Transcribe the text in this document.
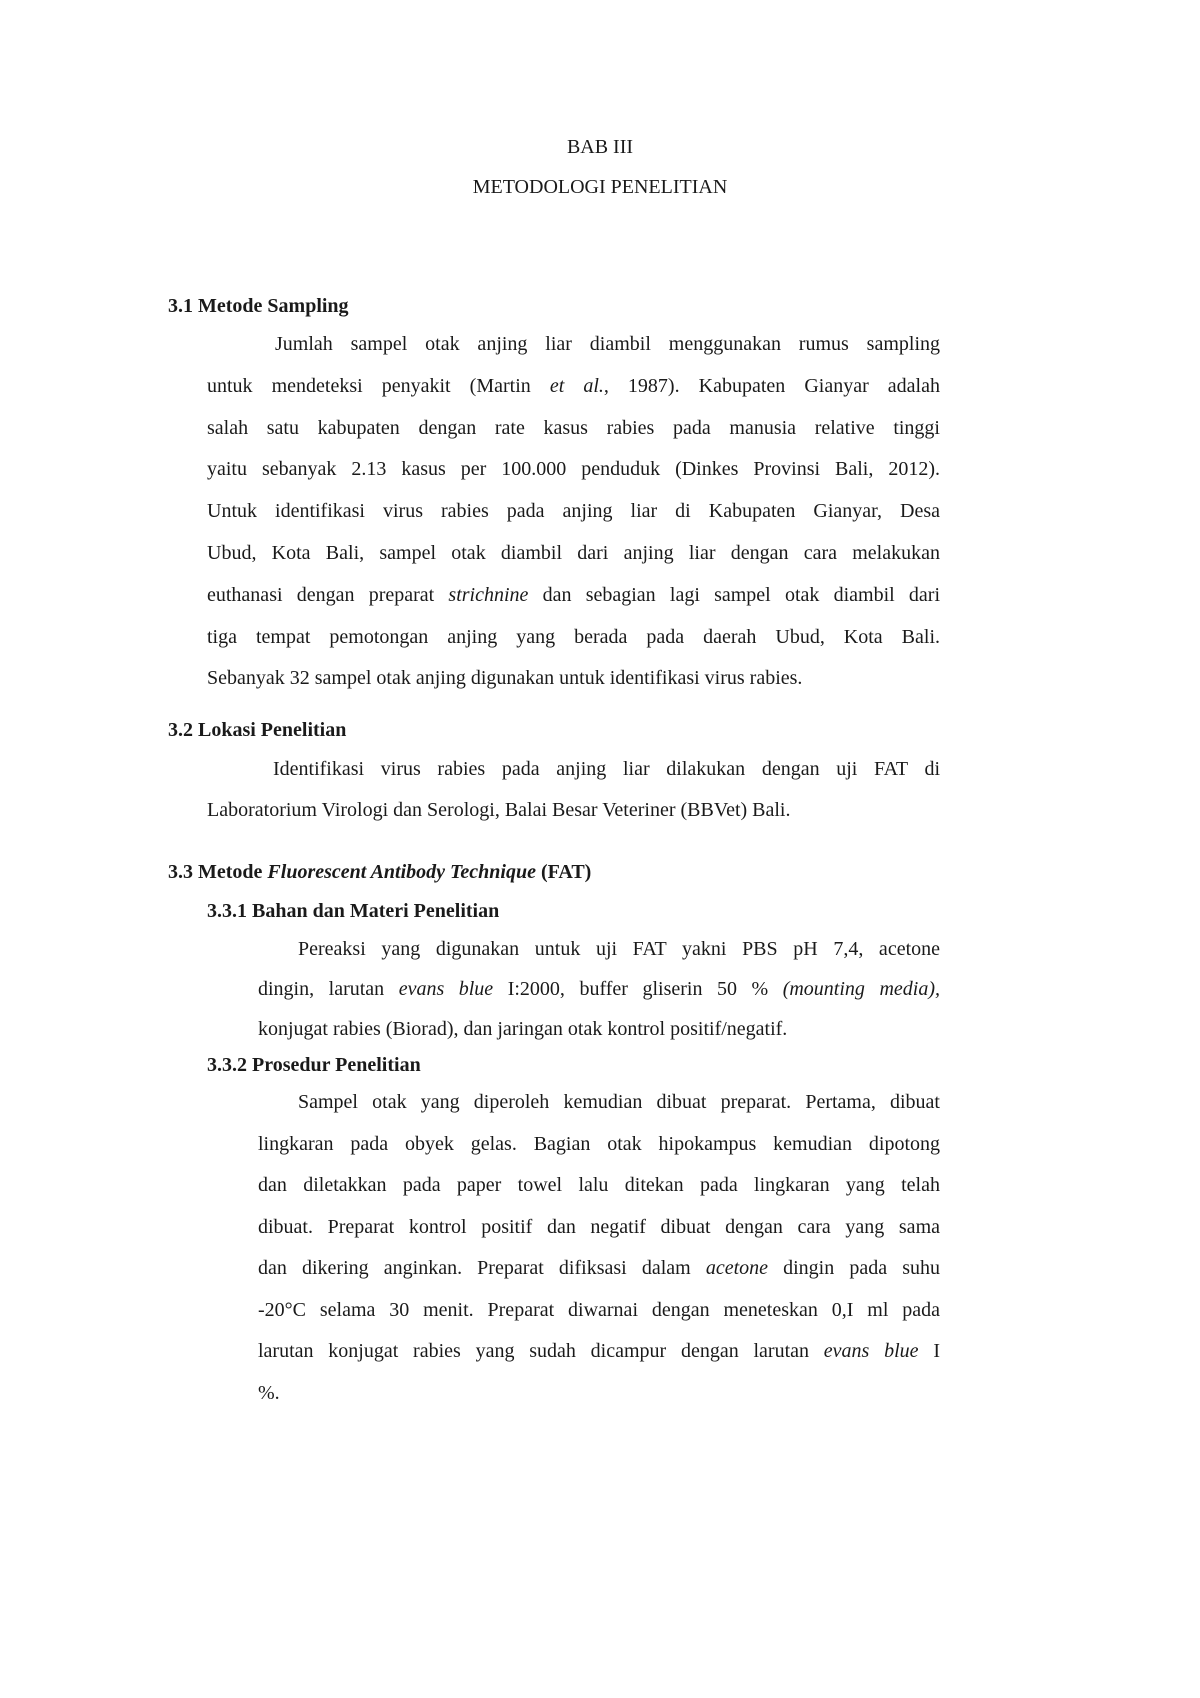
BAB III
METODOLOGI PENELITIAN
3.1 Metode Sampling
Jumlah sampel otak anjing liar diambil menggunakan rumus sampling
untuk mendeteksi penyakit (Martin et al., 1987). Kabupaten Gianyar adalah
salah satu kabupaten dengan rate kasus rabies pada manusia relative tinggi
yaitu sebanyak 2.13 kasus per 100.000 penduduk (Dinkes Provinsi Bali, 2012).
Untuk identifikasi virus rabies pada anjing liar di Kabupaten Gianyar, Desa
Ubud, Kota Bali, sampel otak diambil dari anjing liar dengan cara melakukan
euthanasi dengan preparat strichnine dan sebagian lagi sampel otak diambil dari
tiga tempat pemotongan anjing yang berada pada daerah Ubud, Kota Bali.
Sebanyak 32 sampel otak anjing digunakan untuk identifikasi virus rabies.
3.2 Lokasi Penelitian
Identifikasi virus rabies pada anjing liar dilakukan dengan uji FAT di
Laboratorium Virologi dan Serologi, Balai Besar Veteriner (BBVet) Bali.
3.3 Metode Fluorescent Antibody Technique (FAT)
3.3.1 Bahan dan Materi Penelitian
Pereaksi yang digunakan untuk uji FAT yakni PBS pH 7,4, acetone
dingin, larutan evans blue I:2000, buffer gliserin 50 % (mounting media),
konjugat rabies (Biorad), dan jaringan otak kontrol positif/negatif.
3.3.2 Prosedur Penelitian
Sampel otak yang diperoleh kemudian dibuat preparat. Pertama, dibuat
lingkaran pada obyek gelas. Bagian otak hipokampus kemudian dipotong
dan diletakkan pada paper towel lalu ditekan pada lingkaran yang telah
dibuat. Preparat kontrol positif dan negatif dibuat dengan cara yang sama
dan dikering anginkan. Preparat difiksasi dalam acetone dingin pada suhu
-20°C selama 30 menit. Preparat diwarnai dengan meneteskan 0,I ml pada
larutan konjugat rabies yang sudah dicampur dengan larutan evans blue I
%.
